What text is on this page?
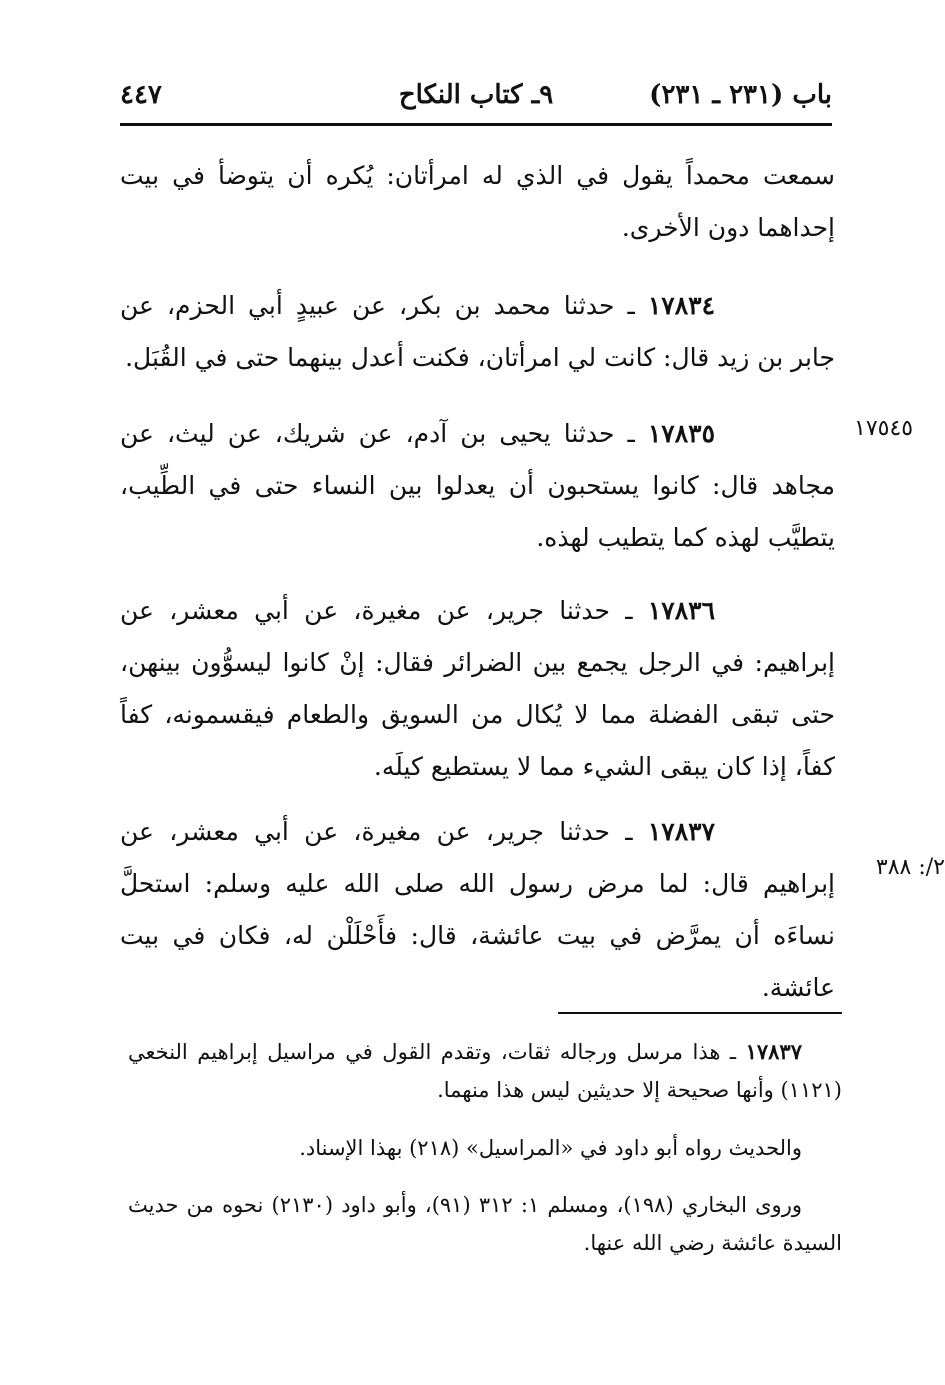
باب (٢٣١ ـ ٢٣١)
٩ـ كتاب النكاح
٤٤٧

سمعت محمداً يقول في الذي له امرأتان: يُكره أن يتوضأ في بيت إحداهما دون الأخرى.

١٧٨٣٤ ـ حدثنا محمد بن بكر، عن عبيدٍ أبي الحزم، عن جابر بن زيد قال: كانت لي امرأتان، فكنت أعدل بينهما حتى في القُبَل.

١٧٨٣٥ ـ حدثنا يحيى بن آدم، عن شريك، عن ليث، عن مجاهد قال: كانوا يستحبون أن يعدلوا بين النساء حتى في الطِّيب، يتطيَّب لهذه كما يتطيب لهذه.

١٧٨٣٦ ـ حدثنا جرير، عن مغيرة، عن أبي معشر، عن إبراهيم: في الرجل يجمع بين الضرائر فقال: إنْ كانوا ليسوُّون بينهن، حتى تبقى الفضلة مما لا يُكال من السويق والطعام فيقسمونه، كفاً كفاً، إذا كان يبقى الشيء مما لا يستطيع كيلَه.

١٧٨٣٧ ـ حدثنا جرير، عن مغيرة، عن أبي معشر، عن إبراهيم قال: لما مرض رسول الله صلى الله عليه وسلم: استحلَّ نساءَه أن يمرَّض في بيت عائشة، قال: فأَحْلَلْن له، فكان في بيت عائشة.

١٧٥٤٥
٢/: ٣٨٨

١٧٨٣٧ ـ هذا مرسل ورجاله ثقات، وتقدم القول في مراسيل إبراهيم النخعي (١١٢١) وأنها صحيحة إلا حديثين ليس هذا منهما.

والحديث رواه أبو داود في «المراسيل» (٢١٨) بهذا الإسناد.

وروى البخاري (١٩٨)، ومسلم ١: ٣١٢ (٩١)، وأبو داود (٢١٣٠) نحوه من حديث السيدة عائشة رضي الله عنها.
